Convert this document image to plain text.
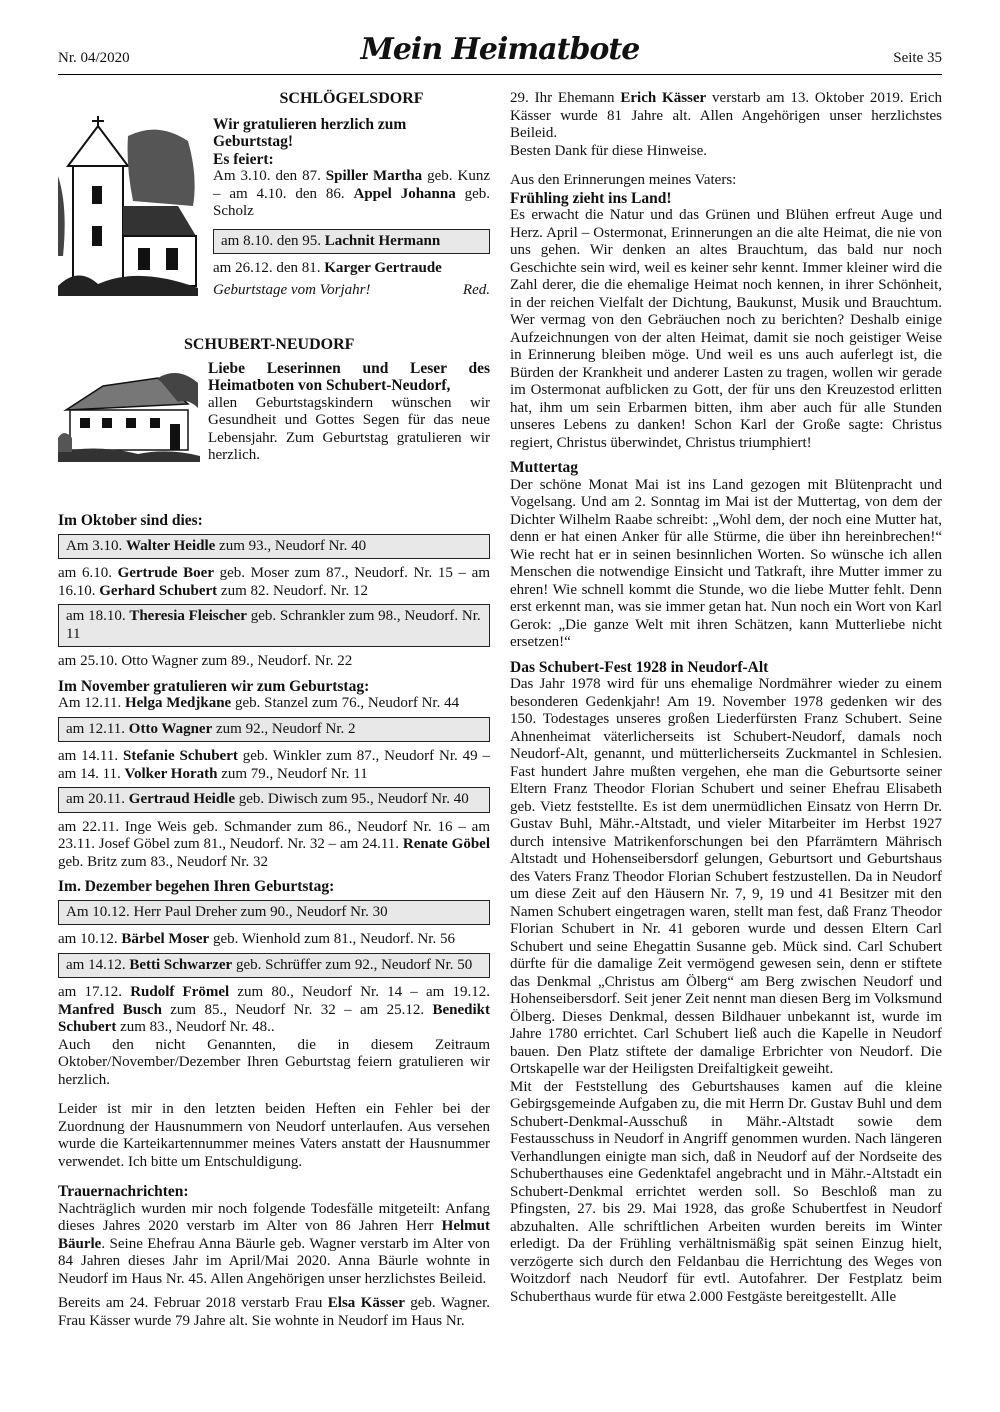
Nr. 04/2020	Mein Heimatbote	Seite 35

SCHLÖGELSDORF

Wir gratulieren herzlich zum Geburtstag!

Es feiert:

Am 3.10. den 87. Spiller Martha geb. Kunz – am 4.10. den 86. Appel Johanna geb. Scholz

am 8.10. den 95. Lachnit Hermann

am 26.12. den 81. Karger Gertraude

Geburtstage vom Vorjahr!	Red.

SCHUBERT-NEUDORF

Liebe Leserinnen und Leser des Heimatboten von Schubert-Neudorf,

allen Geburtstagskindern wünschen wir Gesundheit und Gottes Segen für das neue Lebensjahr. Zum Geburtstag gratulieren wir herzlich.

Im Oktober sind dies:

Am 3.10. Walter Heidle zum 93., Neudorf Nr. 40

am 6.10. Gertrude Boer geb. Moser zum 87., Neudorf. Nr. 15 – am 16.10. Gerhard Schubert zum 82. Neudorf. Nr. 12

am 18.10. Theresia Fleischer geb. Schrankler zum 98., Neudorf. Nr. 11

am 25.10. Otto Wagner zum 89., Neudorf. Nr. 22

Im November gratulieren wir zum Geburtstag:

Am 12.11. Helga Medjkane geb. Stanzel zum 76., Neudorf Nr. 44

am 12.11. Otto Wagner zum 92., Neudorf Nr. 2

am 14.11. Stefanie Schubert geb. Winkler zum 87., Neudorf Nr. 49 – am 14. 11. Volker Horath zum 79., Neudorf Nr. 11

am 20.11. Gertraud Heidle geb. Diwisch zum 95., Neudorf Nr. 40

am 22.11. Inge Weis geb. Schmander zum 86., Neudorf Nr. 16 – am 23.11. Josef Göbel zum 81., Neudorf. Nr. 32 – am 24.11. Renate Göbel geb. Britz zum 83., Neudorf Nr. 32

Im. Dezember begehen Ihren Geburtstag:

Am 10.12. Herr Paul Dreher zum 90., Neudorf Nr. 30

am 10.12. Bärbel Moser geb. Wienhold zum 81., Neudorf. Nr. 56

am 14.12. Betti Schwarzer geb. Schrüffer zum 92., Neudorf Nr. 50

am 17.12. Rudolf Frömel zum 80., Neudorf Nr. 14 – am 19.12. Manfred Busch zum 85., Neudorf Nr. 32 – am 25.12. Benedikt Schubert zum 83., Neudorf Nr. 48..

Auch den nicht Genannten, die in diesem Zeitraum Oktober/November/Dezember Ihren Geburtstag feiern gratulieren wir herzlich.

Leider ist mir in den letzten beiden Heften ein Fehler bei der Zuordnung der Hausnummern von Neudorf unterlaufen. Aus versehen wurde die Karteikartennummer meines Vaters anstatt der Hausnummer verwendet. Ich bitte um Entschuldigung.

Trauernachrichten:

Nachträglich wurden mir noch folgende Todesfälle mitgeteilt: Anfang dieses Jahres 2020 verstarb im Alter von 86 Jahren Herr Helmut Bäurle. Seine Ehefrau Anna Bäurle geb. Wagner verstarb im Alter von 84 Jahren dieses Jahr im April/Mai 2020. Anna Bäurle wohnte in Neudorf im Haus Nr. 45. Allen Angehörigen unser herzlichstes Beileid.

Bereits am 24. Februar 2018 verstarb Frau Elsa Kässer geb. Wagner. Frau Kässer wurde 79 Jahre alt. Sie wohnte in Neudorf im Haus Nr.

29. Ihr Ehemann Erich Kässer verstarb am 13. Oktober 2019. Erich Kässer wurde 81 Jahre alt. Allen Angehörigen unser herzlichstes Beileid.

Besten Dank für diese Hinweise.

Aus den Erinnerungen meines Vaters:

Frühling zieht ins Land!

Es erwacht die Natur und das Grünen und Blühen erfreut Auge und Herz. April – Ostermonat, Erinnerungen an die alte Heimat, die nie von uns gehen. Wir denken an altes Brauchtum, das bald nur noch Geschichte sein wird, weil es keiner sehr kennt. Immer kleiner wird die Zahl derer, die die ehemalige Heimat noch kennen, in ihrer Schönheit, in der reichen Vielfalt der Dichtung, Baukunst, Musik und Brauchtum. Wer vermag von den Gebräuchen noch zu berichten? Deshalb einige Aufzeichnungen von der alten Heimat, damit sie noch geistiger Weise in Erinnerung bleiben möge. Und weil es uns auch auferlegt ist, die Bürden der Krankheit und anderer Lasten zu tragen, wollen wir gerade im Ostermonat aufblicken zu Gott, der für uns den Kreuzestod erlitten hat, ihm um sein Erbarmen bitten, ihm aber auch für alle Stunden unseres Lebens zu danken! Schon Karl der Große sagte: Christus regiert, Christus überwindet, Christus triumphiert!

Muttertag

Der schöne Monat Mai ist ins Land gezogen mit Blütenpracht und Vogelsang. Und am 2. Sonntag im Mai ist der Muttertag, von dem der Dichter Wilhelm Raabe schreibt: „Wohl dem, der noch eine Mutter hat, denn er hat einen Anker für alle Stürme, die über ihn hereinbrechen!“ Wie recht hat er in seinen besinnlichen Worten. So wünsche ich allen Menschen die notwendige Einsicht und Tatkraft, ihre Mutter immer zu ehren! Wie schnell kommt die Stunde, wo die liebe Mutter fehlt. Denn erst erkennt man, was sie immer getan hat. Nun noch ein Wort von Karl Gerok: „Die ganze Welt mit ihren Schätzen, kann Mutterliebe nicht ersetzen!“

Das Schubert-Fest 1928 in Neudorf-Alt

Das Jahr 1978 wird für uns ehemalige Nordmährer wieder zu einem besonderen Gedenkjahr! Am 19. November 1978 gedenken wir des 150. Todestages unseres großen Liederfürsten Franz Schubert. Seine Ahnenheimat väterlicherseits ist Schubert-Neudorf, damals noch Neudorf-Alt, genannt, und mütterlicherseits Zuckmantel in Schlesien. Fast hundert Jahre mußten vergehen, ehe man die Geburtsorte seiner Eltern Franz Theodor Florian Schubert und seiner Ehefrau Elisabeth geb. Vietz feststellte. Es ist dem unermüdlichen Einsatz von Herrn Dr. Gustav Buhl, Mähr.-Altstadt, und vieler Mitarbeiter im Herbst 1927 durch intensive Matrikenforschungen bei den Pfarrämtern Mährisch Altstadt und Hohenseibersdorf gelungen, Geburtsort und Geburtshaus des Vaters Franz Theodor Florian Schubert festzustellen. Da in Neudorf um diese Zeit auf den Häusern Nr. 7, 9, 19 und 41 Besitzer mit den Namen Schubert eingetragen waren, stellt man fest, daß Franz Theodor Florian Schubert in Nr. 41 geboren wurde und dessen Eltern Carl Schubert und seine Ehegattin Susanne geb. Mück sind. Carl Schubert dürfte für die damalige Zeit vermögend gewesen sein, denn er stiftete das Denkmal „Christus am Ölberg“ am Berg zwischen Neudorf und Hohenseibersdorf. Seit jener Zeit nennt man diesen Berg im Volksmund Ölberg. Dieses Denkmal, dessen Bildhauer unbekannt ist, wurde im Jahre 1780 errichtet. Carl Schubert ließ auch die Kapelle in Neudorf bauen. Den Platz stiftete der damalige Erbrichter von Neudorf. Die Ortskapelle war der Heiligsten Dreifaltigkeit geweiht.

Mit der Feststellung des Geburtshauses kamen auf die kleine Gebirgsgemeinde Aufgaben zu, die mit Herrn Dr. Gustav Buhl und dem Schubert-Denkmal-Ausschuß in Mähr.-Altstadt sowie dem Festausschuss in Neudorf in Angriff genommen wurden. Nach längeren Verhandlungen einigte man sich, daß in Neudorf auf der Nordseite des Schuberthauses eine Gedenktafel angebracht und in Mähr.-Altstadt ein Schubert-Denkmal errichtet werden soll. So Beschloß man zu Pfingsten, 27. bis 29. Mai 1928, das große Schubertfest in Neudorf abzuhalten. Alle schriftlichen Arbeiten wurden bereits im Winter erledigt. Da der Frühling verhältnismäßig spät seinen Einzug hielt, verzögerte sich durch den Feldanbau die Herrichtung des Weges von Woitzdorf nach Neudorf für evtl. Autofahrer. Der Festplatz beim Schuberthaus wurde für etwa 2.000 Festgäste bereitgestellt. Alle
